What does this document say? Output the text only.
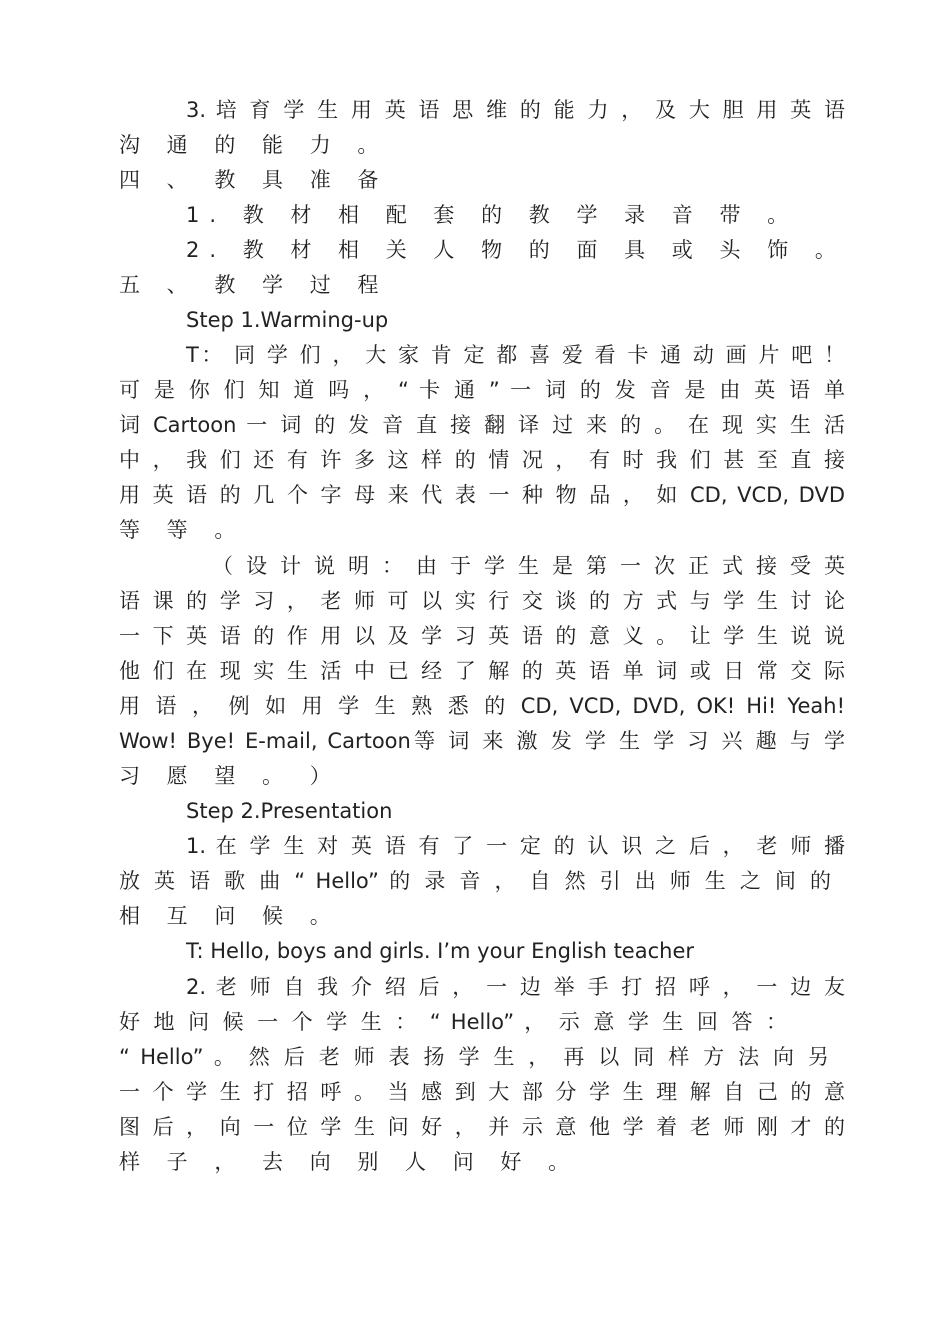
3. 培 育 学 生 用 英 语 思 维 的 能 力 ， 及 大 胆 用 英 语
沟 通 的 能 力 。
四 、 教 具 准 备
1. 教 材 相 配 套 的 教 学 录 音 带 。
2. 教 材 相 关 人 物 的 面 具 或 头 饰 。
五 、 教 学 过 程
Step 1.Warming-up
T： 同 学 们 ， 大 家 肯 定 都 喜 爱 看 卡 通 动 画 片 吧 ！
可 是 你 们 知 道 吗 ， “ 卡 通 ” 一 词 的 发 音 是 由 英 语 单
词 Cartoon 一 词 的 发 音 直 接 翻 译 过 来 的 。 在 现 实 生 活
中 ， 我 们 还 有 许 多 这 样 的 情 况 ， 有 时 我 们 甚 至 直 接
用 英 语 的 几 个 字 母 来 代 表 一 种 物 品 ， 如 CD, VCD, DVD
等 等 。
（ 设 计 说 明 ： 由 于 学 生 是 第 一 次 正 式 接 受 英
语 课 的 学 习 ， 老 师 可 以 实 行 交 谈 的 方 式 与 学 生 讨 论
一 下 英 语 的 作 用 以 及 学 习 英 语 的 意 义 。 让 学 生 说 说
他 们 在 现 实 生 活 中 已 经 了 解 的 英 语 单 词 或 日 常 交 际
用 语 ， 例 如 用 学 生 熟 悉 的 CD, VCD, DVD, OK! Hi! Yeah!
Wow! Bye! E-mail, Cartoon等 词 来 激 发 学 生 学 习 兴 趣 与 学
习 愿 望 。 ）
Step 2.Presentation
1. 在 学 生 对 英 语 有 了 一 定 的 认 识 之 后 ， 老 师 播
放 英 语 歌 曲 “ Hello” 的 录 音 ， 自 然 引 出 师 生 之 间 的
相 互 问 候 。
T: Hello, boys and girls. I’m your English teacher
2. 老 师 自 我 介 绍 后 ， 一 边 举 手 打 招 呼 ， 一 边 友
好 地 问 候 一 个 学 生 ： “ Hello” ， 示 意 学 生 回 答 ：
“ Hello” 。 然 后 老 师 表 扬 学 生 ， 再 以 同 样 方 法 向 另
一 个 学 生 打 招 呼 。 当 感 到 大 部 分 学 生 理 解 自 己 的 意
图 后 ， 向 一 位 学 生 问 好 ， 并 示 意 他 学 着 老 师 刚 才 的
样 子 ， 去 向 别 人 问 好 。
